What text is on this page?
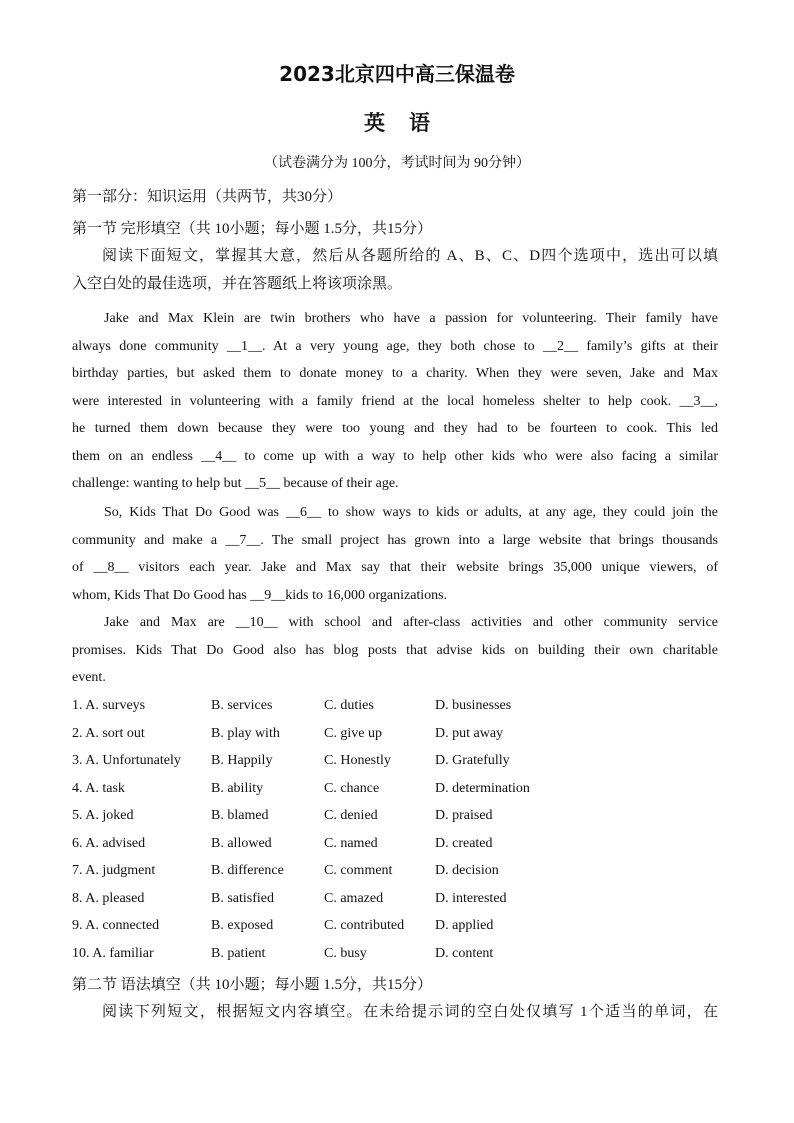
2023北京四中高三保温卷
英语
（试卷满分为 100分，考试时间为 90分钟）
第一部分：知识运用（共两节，共30分）
第一节 完形填空（共 10小题；每小题 1.5分，共15分）
阅读下面短文，掌握其大意，然后从各题所给的 A、B、C、D四个选项中，选出可以填
入空白处的最佳选项，并在答题纸上将该项涂黑。
Jake and Max Klein are twin brothers who have a passion for volunteering. Their family have
always done community __1__. At a very young age, they both chose to __2__ family’s gifts at their
birthday parties, but asked them to donate money to a charity. When they were seven, Jake and Max
were interested in volunteering with a family friend at the local homeless shelter to help cook. __3__,
he turned them down because they were too young and they had to be fourteen to cook. This led
them on an endless __4__ to come up with a way to help other kids who were also facing a similar
challenge: wanting to help but __5__ because of their age.
So, Kids That Do Good was __6__ to show ways to kids or adults, at any age, they could join the
community and make a __7__. The small project has grown into a large website that brings thousands
of __8__ visitors each year. Jake and Max say that their website brings 35,000 unique viewers, of
whom, Kids That Do Good has __9__kids to 16,000 organizations.
Jake and Max are __10__ with school and after-class activities and other community service
promises. Kids That Do Good also has blog posts that advise kids on building their own charitable
event.
1. A. surveys	B. services	C. duties	D. businesses
2. A. sort out	B. play with	C. give up	D. put away
3. A. Unfortunately B. Happily	C. Honestly	D. Gratefully
4. A. task	B. ability	C. chance	D. determination
5. A. joked	B. blamed	C. denied	D. praised
6. A. advised	B. allowed	C. named	D. created
7. A. judgment	B. difference	C. comment	D. decision
8. A. pleased	B. satisfied	C. amazed	D. interested
9. A. connected	B. exposed	C. contributed D. applied
10. A. familiar	B. patient	C. busy	D. content
第二节 语法填空（共 10小题；每小题 1.5分，共15分）
阅读下列短文，根据短文内容填空。在未给提示词的空白处仅填写 1个适当的单词，在
